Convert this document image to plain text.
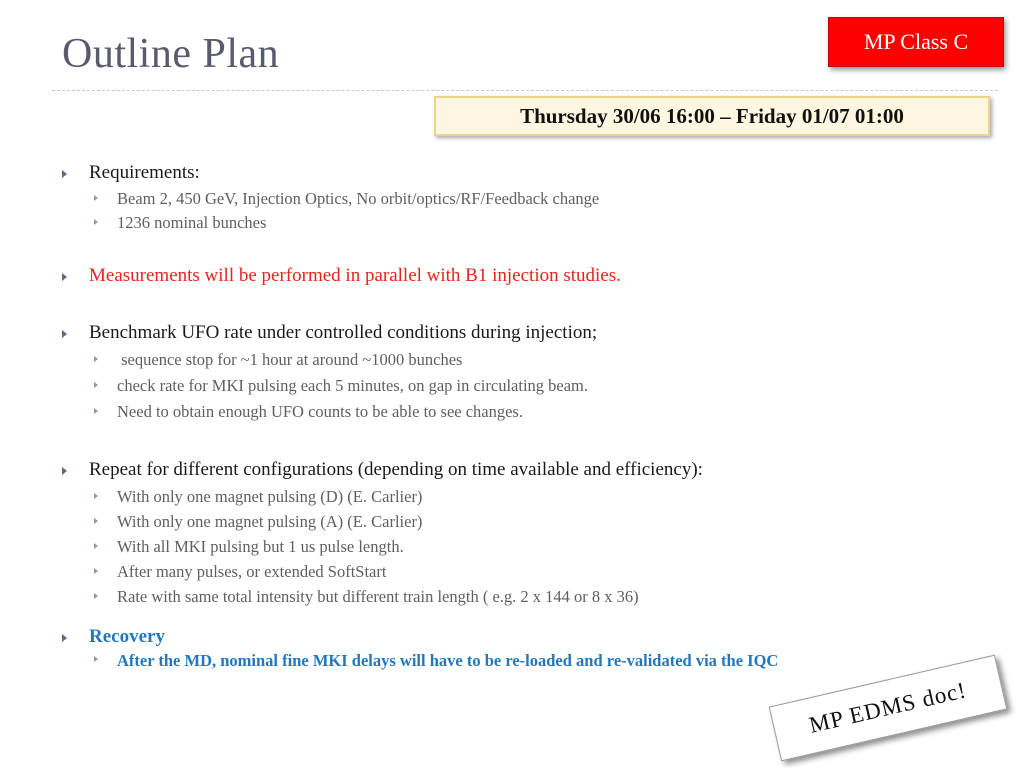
Outline Plan	MP Class C
Thursday 30/06 16:00 – Friday 01/07 01:00
Requirements:
Beam 2, 450 GeV, Injection Optics, No orbit/optics/RF/Feedback change
1236 nominal bunches
Measurements will be performed in parallel with B1 injection studies.
Benchmark UFO rate under controlled conditions during injection;
sequence stop for ~1 hour at around ~1000 bunches
check rate for MKI pulsing each 5 minutes, on gap in circulating beam.
Need to obtain enough UFO counts to be able to see changes.
Repeat for different configurations (depending on time available and efficiency):
With only one magnet pulsing (D) (E. Carlier)
With only one magnet pulsing (A) (E. Carlier)
With all MKI pulsing but 1 us pulse length.
After many pulses, or extended SoftStart
Rate with same total intensity but different train length ( e.g. 2 x 144 or 8 x 36)
Recovery
After the MD, nominal fine MKI delays will have to be re-loaded and re-validated via the IQC
MP EDMS doc!
